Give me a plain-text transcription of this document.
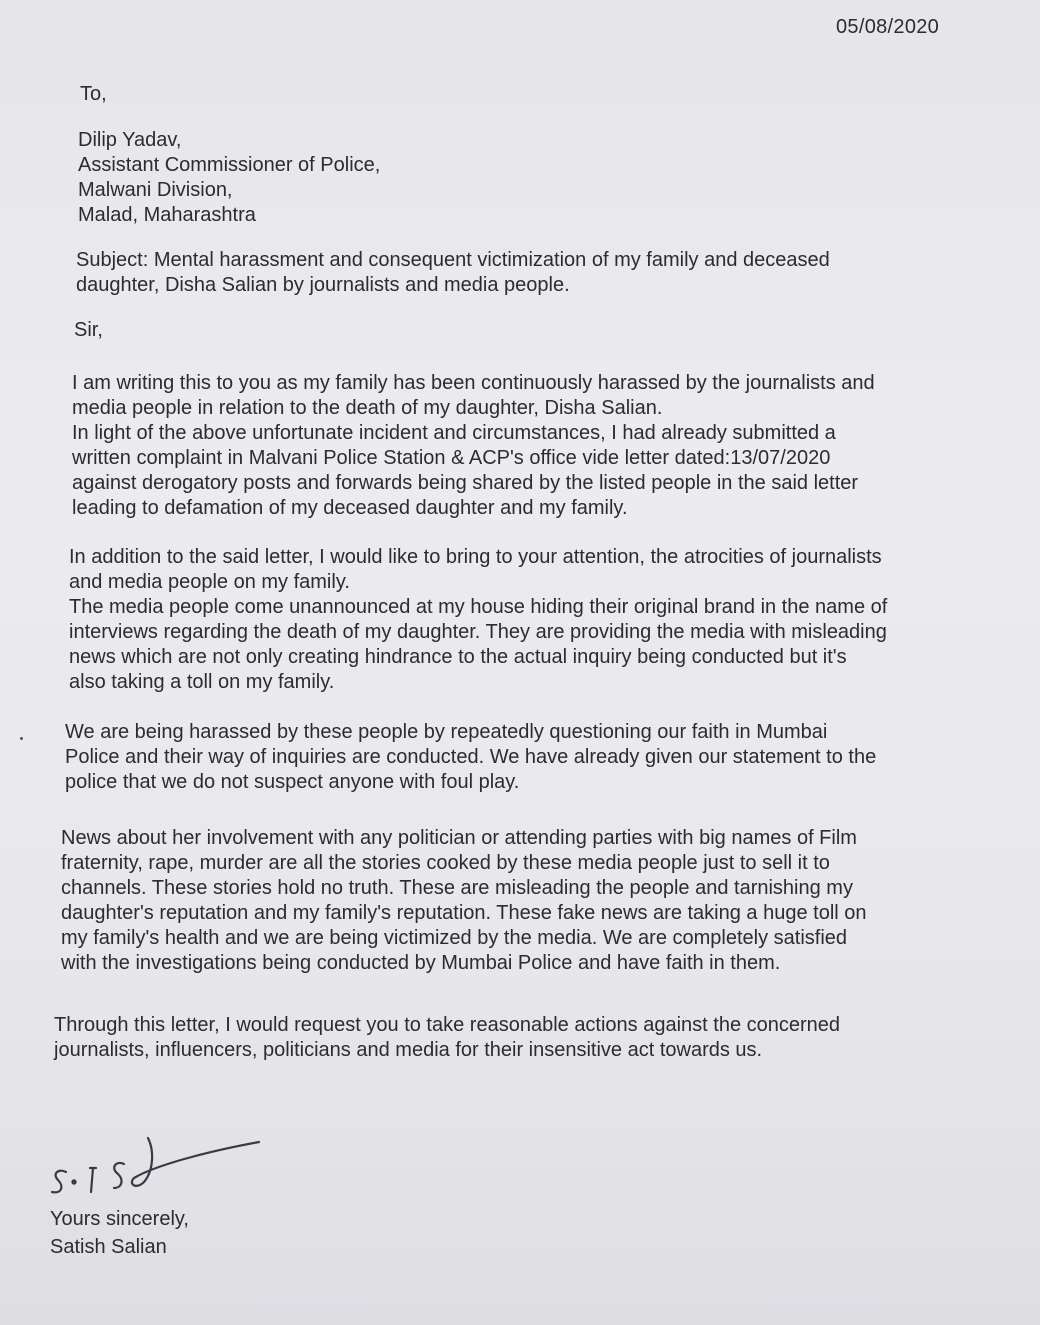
05/08/2020
To,
Dilip Yadav,
Assistant Commissioner of Police,
Malwani Division,
Malad, Maharashtra
Subject: Mental harassment and consequent victimization of my family and deceased
daughter, Disha Salian by journalists and media people.
Sir,
I am writing this to you as my family has been continuously harassed by the journalists and
media people in relation to the death of my daughter, Disha Salian.
In light of the above unfortunate incident and circumstances, I had already submitted a
written complaint in Malvani Police Station & ACP's office vide letter dated:13/07/2020
against derogatory posts and forwards being shared by the listed people in the said letter
leading to defamation of my deceased daughter and my family.
In addition to the said letter, I would like to bring to your attention, the atrocities of journalists
and media people on my family.
The media people come unannounced at my house hiding their original brand in the name of
interviews regarding the death of my daughter. They are providing the media with misleading
news which are not only creating hindrance to the actual inquiry being conducted but it's
also taking a toll on my family.
We are being harassed by these people by repeatedly questioning our faith in Mumbai
Police and their way of inquiries are conducted. We have already given our statement to the
police that we do not suspect anyone with foul play.
News about her involvement with any politician or attending parties with big names of Film
fraternity, rape, murder are all the stories cooked by these media people just to sell it to
channels. These stories hold no truth. These are misleading the people and tarnishing my
daughter's reputation and my family's reputation. These fake news are taking a huge toll on
my family's health and we are being victimized by the media. We are completely satisfied
with the investigations being conducted by Mumbai Police and have faith in them.
Through this letter, I would request you to take reasonable actions against the concerned
journalists, influencers, politicians and media for their insensitive act towards us.
Yours sincerely,
Satish Salian
